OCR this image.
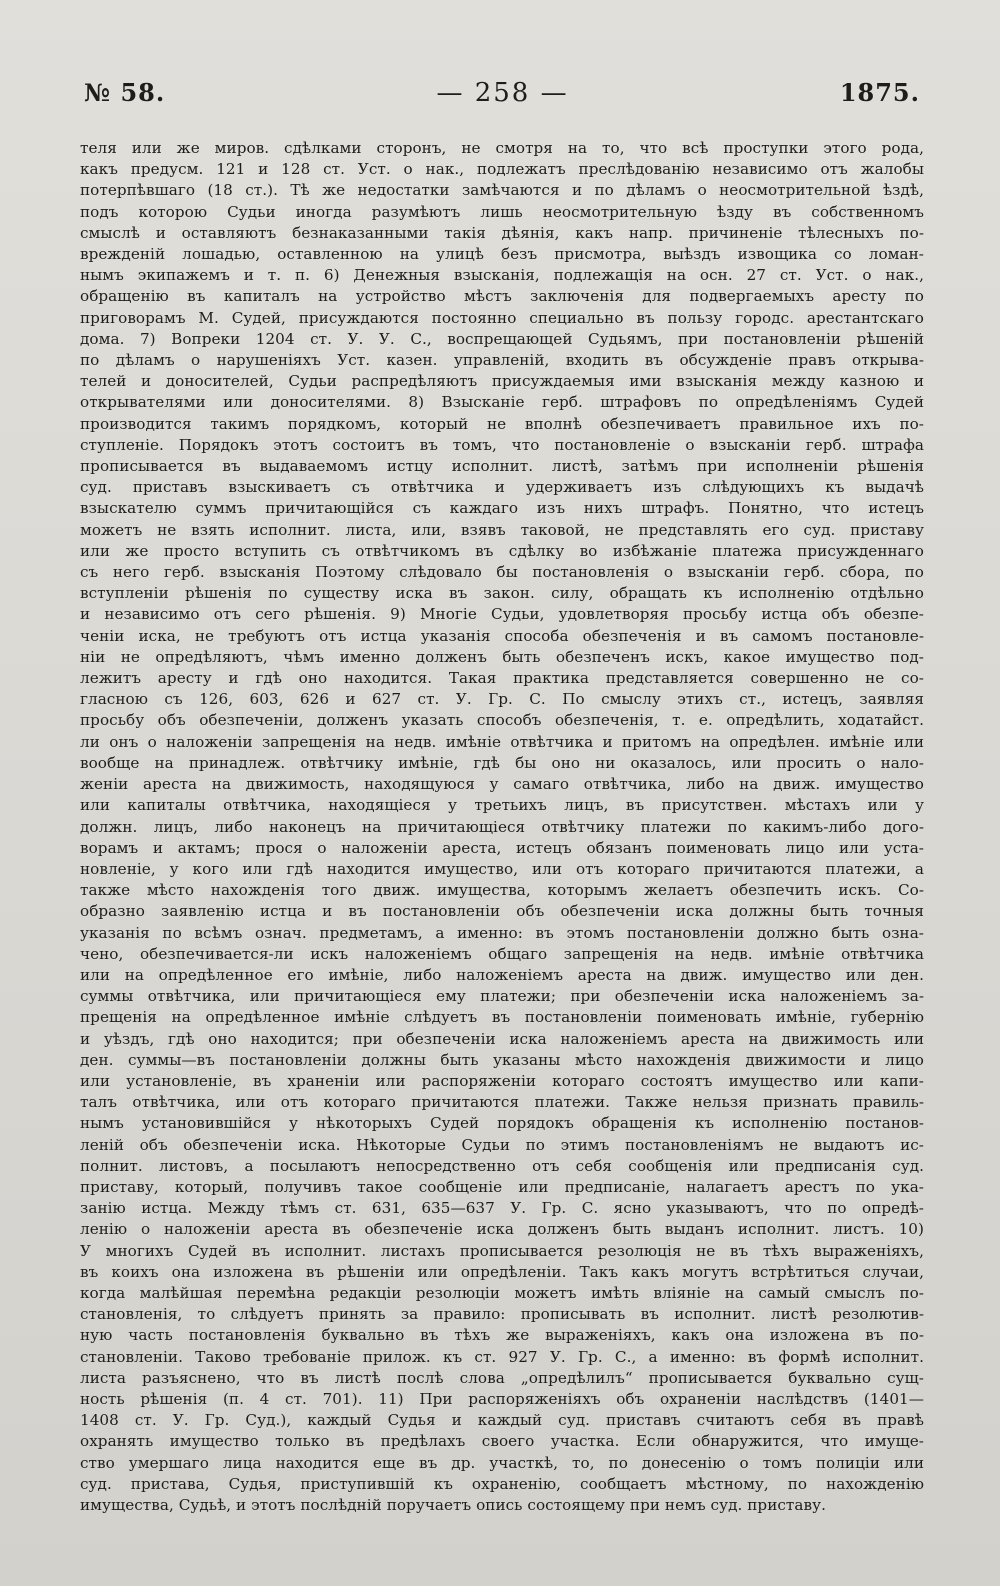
№ 58.	— 258 —	1875.
теля или же миров. сдѣлками сторонъ, не смотря на то, что всѣ проступки этого рода,
какъ предусм. 121 и 128 ст. Уст. о нак., подлежатъ преслѣдованію независимо отъ жалобы
потерпѣвшаго (18 ст.). Тѣ же недостатки замѣчаются и по дѣламъ о неосмотрительной ѣздѣ,
подъ которою Судьи иногда разумѣютъ лишь неосмотрительную ѣзду въ собственномъ
смыслѣ и оставляютъ безнаказанными такія дѣянія, какъ напр. причиненіе тѣлесныхъ по-
врежденій лошадью, оставленною на улицѣ безъ присмотра, выѣздъ извощика со ломан-
нымъ экипажемъ и т. п. 6) Денежныя взысканія, подлежащія на осн. 27 ст. Уст. о нак.,
обращенію въ капиталъ на устройство мѣстъ заключенія для подвергаемыхъ аресту по
приговорамъ М. Судей, присуждаются постоянно специально въ пользу городс. арестантскаго
дома. 7) Вопреки 1204 ст. У. У. С., воспрещающей Судьямъ, при постановленіи рѣшеній
по дѣламъ о нарушеніяхъ Уст. казен. управленій, входить въ обсужденіе правъ открыва-
телей и доносителей, Судьи распредѣляютъ присуждаемыя ими взысканія между казною и
открывателями или доносителями. 8) Взысканіе герб. штрафовъ по опредѣленіямъ Судей
производится такимъ порядкомъ, который не вполнѣ обезпечиваетъ правильное ихъ по-
ступленіе. Порядокъ этотъ состоитъ въ томъ, что постановленіе о взысканіи герб. штрафа
прописывается въ выдаваемомъ истцу исполнит. листѣ, затѣмъ при исполненіи рѣшенія
суд. приставъ взыскиваетъ съ отвѣтчика и удерживаетъ изъ слѣдующихъ къ выдачѣ
взыскателю суммъ причитающійся съ каждаго изъ нихъ штрафъ. Понятно, что истецъ
можетъ не взять исполнит. листа, или, взявъ таковой, не представлять его суд. приставу
или же просто вступить съ отвѣтчикомъ въ сдѣлку во избѣжаніе платежа присужденнаго
съ него герб. взысканія Поэтому слѣдовало бы постановленія о взысканіи герб. сбора, по
вступленіи рѣшенія по существу иска въ закон. силу, обращать къ исполненію отдѣльно
и независимо отъ сего рѣшенія. 9) Многіе Судьи, удовлетворяя просьбу истца объ обезпе-
ченіи иска, не требуютъ отъ истца указанія способа обезпеченія и въ самомъ постановле-
ніи не опредѣляютъ, чѣмъ именно долженъ быть обезпеченъ искъ, какое имущество под-
лежитъ аресту и гдѣ оно находится. Такая практика представляется совершенно не со-
гласною съ 126, 603, 626 и 627 ст. У. Гр. С. По смыслу этихъ ст., истецъ, заявляя
просьбу объ обезпеченіи, долженъ указать способъ обезпеченія, т. е. опредѣлить, ходатайст.
ли онъ о наложеніи запрещенія на недв. имѣніе отвѣтчика и притомъ на опредѣлен. имѣніе или
вообще на принадлеж. отвѣтчику имѣніе, гдѣ бы оно ни оказалось, или просить о нало-
женіи ареста на движимость, находящуюся у самаго отвѣтчика, либо на движ. имущество
или капиталы отвѣтчика, находящіеся у третьихъ лицъ, въ присутствен. мѣстахъ или у
должн. лицъ, либо наконецъ на причитающіеся отвѣтчику платежи по какимъ-либо дого-
ворамъ и актамъ; прося о наложеніи ареста, истецъ обязанъ поименовать лицо или уста-
новленіе, у кого или гдѣ находится имущество, или отъ котораго причитаются платежи, а
также мѣсто нахожденія того движ. имущества, которымъ желаетъ обезпечить искъ. Со-
образно заявленію истца и въ постановленіи объ обезпеченіи иска должны быть точныя
указанія по всѣмъ означ. предметамъ, а именно: въ этомъ постановленіи должно быть озна-
чено, обезпечивается-ли искъ наложеніемъ общаго запрещенія на недв. имѣніе отвѣтчика
или на опредѣленное его имѣніе, либо наложеніемъ ареста на движ. имущество или ден.
суммы отвѣтчика, или причитающіеся ему платежи; при обезпеченіи иска наложеніемъ за-
прещенія на опредѣленное имѣніе слѣдуетъ въ постановленіи поименовать имѣніе, губернію
и уѣздъ, гдѣ оно находится; при обезпеченіи иска наложеніемъ ареста на движимость или
ден. суммы—въ постановленіи должны быть указаны мѣсто нахожденія движимости и лицо
или установленіе, въ храненіи или распоряженіи котораго состоятъ имущество или капи-
талъ отвѣтчика, или отъ котораго причитаются платежи. Также нельзя признать правиль-
нымъ установившійся у нѣкоторыхъ Судей порядокъ обращенія къ исполненію постанов-
леній объ обезпеченіи иска. Нѣкоторые Судьи по этимъ постановленіямъ не выдаютъ ис-
полнит. листовъ, а посылаютъ непосредственно отъ себя сообщенія или предписанія суд.
приставу, который, получивъ такое сообщеніе или предписаніе, налагаетъ арестъ по ука-
занію истца. Между тѣмъ ст. 631, 635—637 У. Гр. С. ясно указываютъ, что по опредѣ-
ленію о наложеніи ареста въ обезпеченіе иска долженъ быть выданъ исполнит. листъ. 10)
У многихъ Судей въ исполнит. листахъ прописывается резолюція не въ тѣхъ выраженіяхъ,
въ коихъ она изложена въ рѣшеніи или опредѣленіи. Такъ какъ могутъ встрѣтиться случаи,
когда малѣйшая перемѣна редакціи резолюціи можетъ имѣть вліяніе на самый смыслъ по-
становленія, то слѣдуетъ принять за правило: прописывать въ исполнит. листѣ резолютив-
ную часть постановленія буквально въ тѣхъ же выраженіяхъ, какъ она изложена въ по-
становленіи. Таково требованіе прилож. къ ст. 927 У. Гр. С., а именно: въ формѣ исполнит.
листа разъяснено, что въ листѣ послѣ слова „опредѣлилъ“ прописывается буквально сущ-
ность рѣшенія (п. 4 ст. 701). 11) При распоряженіяхъ объ охраненіи наслѣдствъ (1401—
1408 ст. У. Гр. Суд.), каждый Судья и каждый суд. приставъ считаютъ себя въ правѣ
охранять имущество только въ предѣлахъ своего участка. Если обнаружится, что имуще-
ство умершаго лица находится еще въ др. участкѣ, то, по донесенію о томъ полиціи или
суд. пристава, Судья, приступившій къ охраненію, сообщаетъ мѣстному, по нахожденію
имущества, Судьѣ, и этотъ послѣдній поручаетъ опись состоящему при немъ суд. приставу.
